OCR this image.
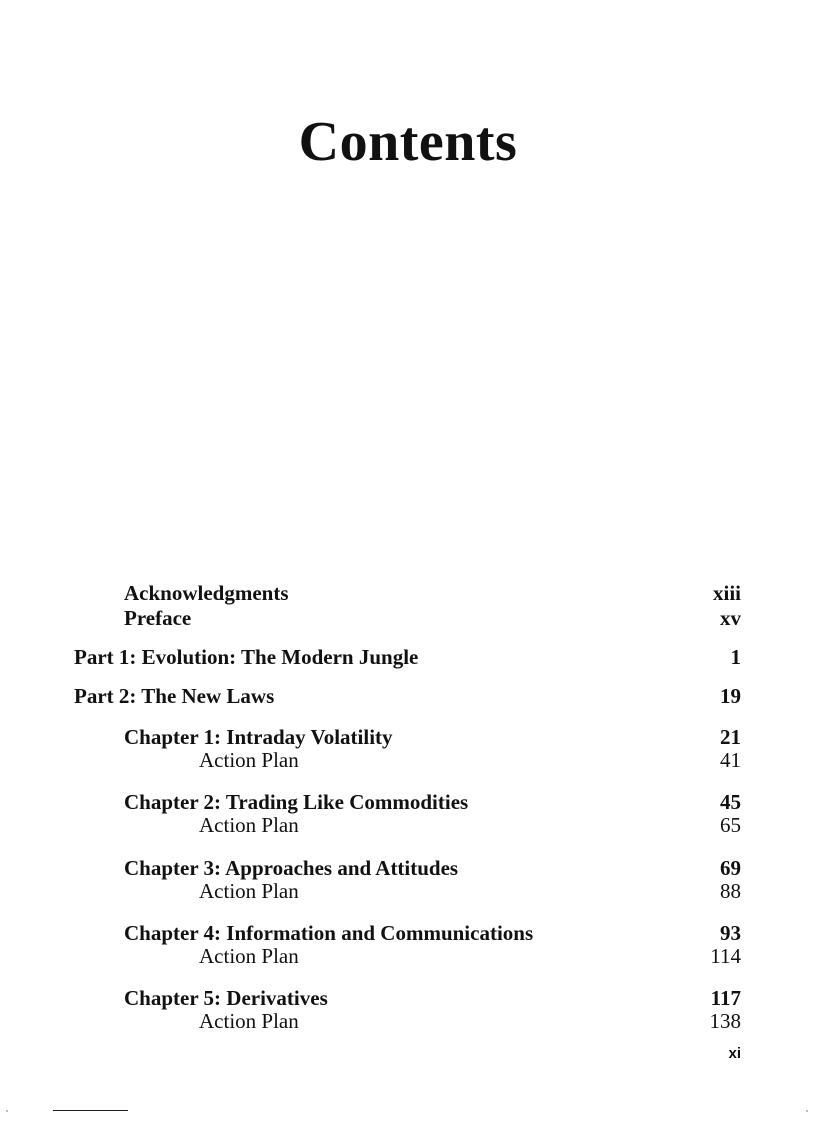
Contents
Acknowledgments	xiii
Preface	xv
Part 1: Evolution: The Modern Jungle	1
Part 2: The New Laws	19
Chapter 1: Intraday Volatility	21
Action Plan	41
Chapter 2: Trading Like Commodities	45
Action Plan	65
Chapter 3: Approaches and Attitudes	69
Action Plan	88
Chapter 4: Information and Communications	93
Action Plan	114
Chapter 5: Derivatives	117
Action Plan	138
xi
